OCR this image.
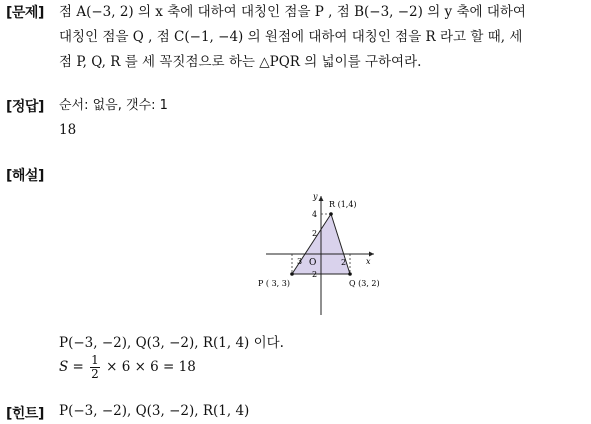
[문제] 점 A(−3, 2) 의 x 축에 대하여 대칭인 점을 P , 점 B(−3, −2) 의 y 축에 대하여
대칭인 점을 Q , 점 C(−1, −4) 의 원점에 대하여 대칭인 점을 R 라고 할 때, 세
점 P, Q, R 를 세 꼭짓점으로 하는 △PQR 의 넓이를 구하여라.
[정답] 순서: 없음, 갯수: 1
18
[해설]
y
x
O
4
2
2
3	2
R (1,4)
P ( 3, 3)	Q (3, 2)
P(−3, −2), Q(3, −2), R(1, 4) 이다.
$S = \frac{1}{2} \times 6 \times 6 = 18$
[힌트] P(−3, −2), Q(3, −2), R(1, 4)
